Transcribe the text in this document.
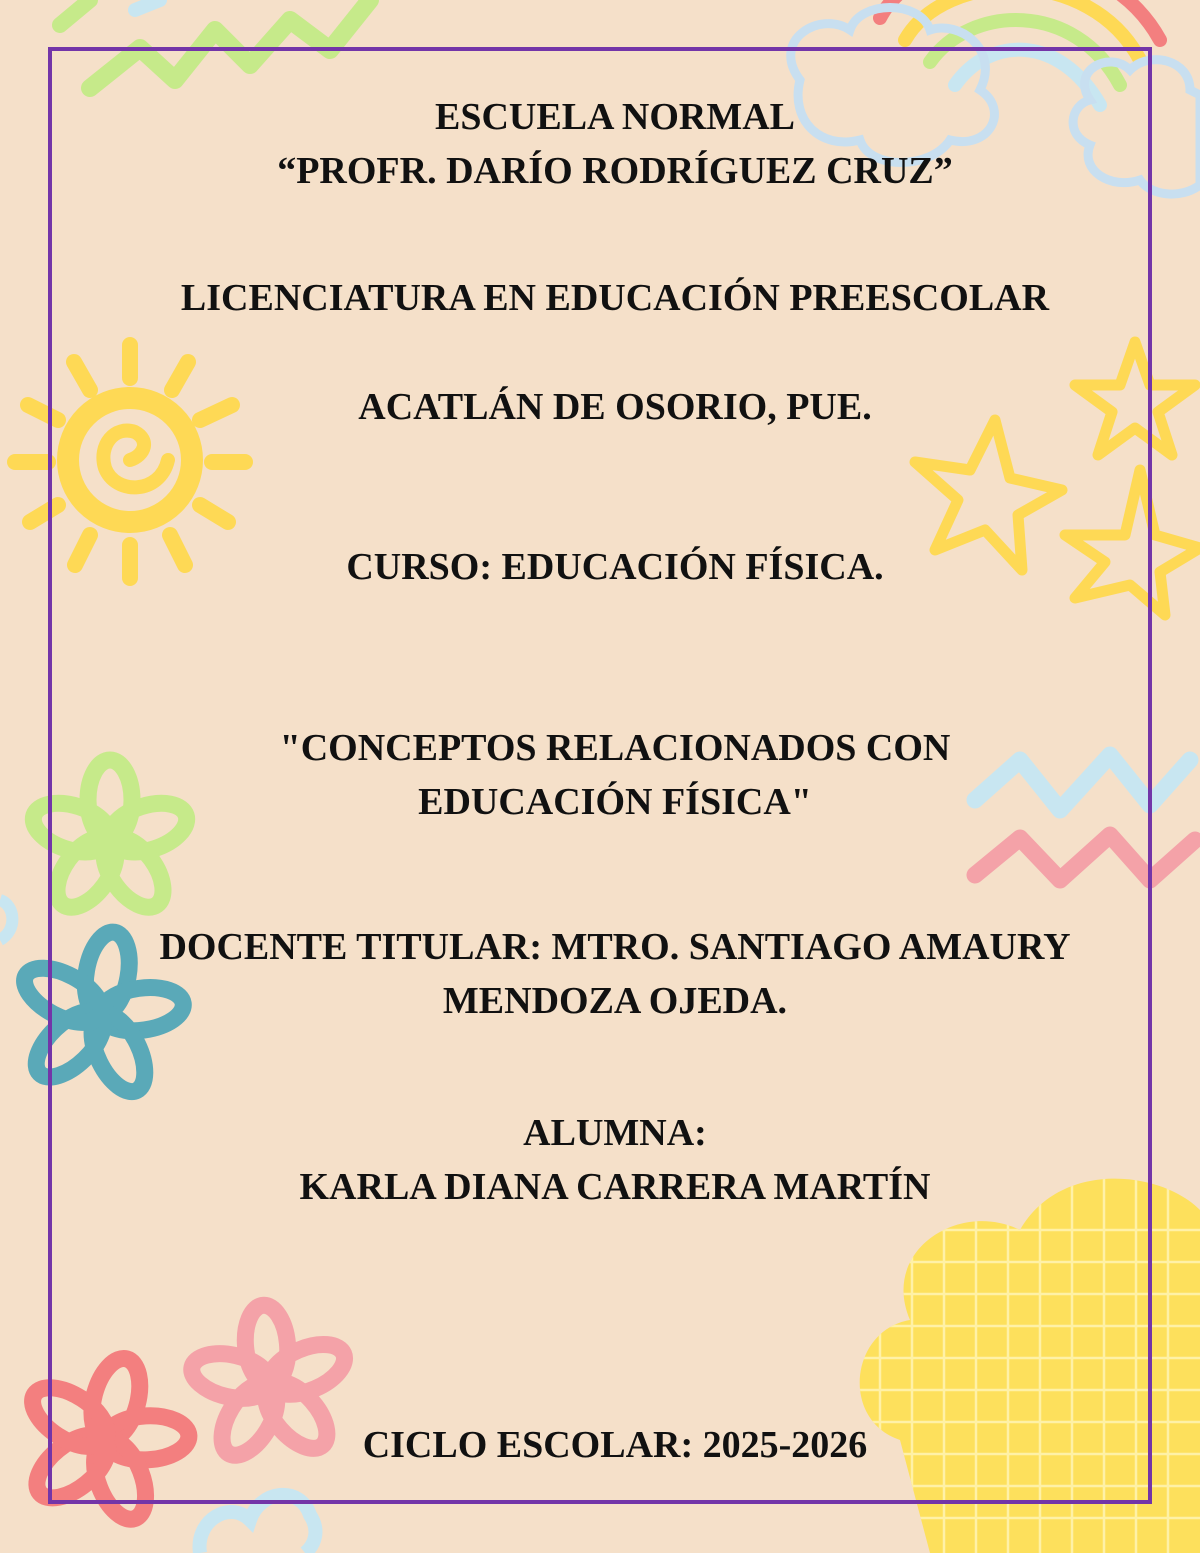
ESCUELA NORMAL

“PROFR. DARÍO RODRÍGUEZ CRUZ”

LICENCIATURA EN EDUCACIÓN PREESCOLAR

ACATLÁN DE OSORIO, PUE.

CURSO: EDUCACIÓN FÍSICA.

"CONCEPTOS RELACIONADOS CON

EDUCACIÓN FÍSICA"

DOCENTE TITULAR: MTRO. SANTIAGO AMAURY

MENDOZA OJEDA.

ALUMNA:

KARLA DIANA CARRERA MARTÍN

CICLO ESCOLAR: 2025-2026
